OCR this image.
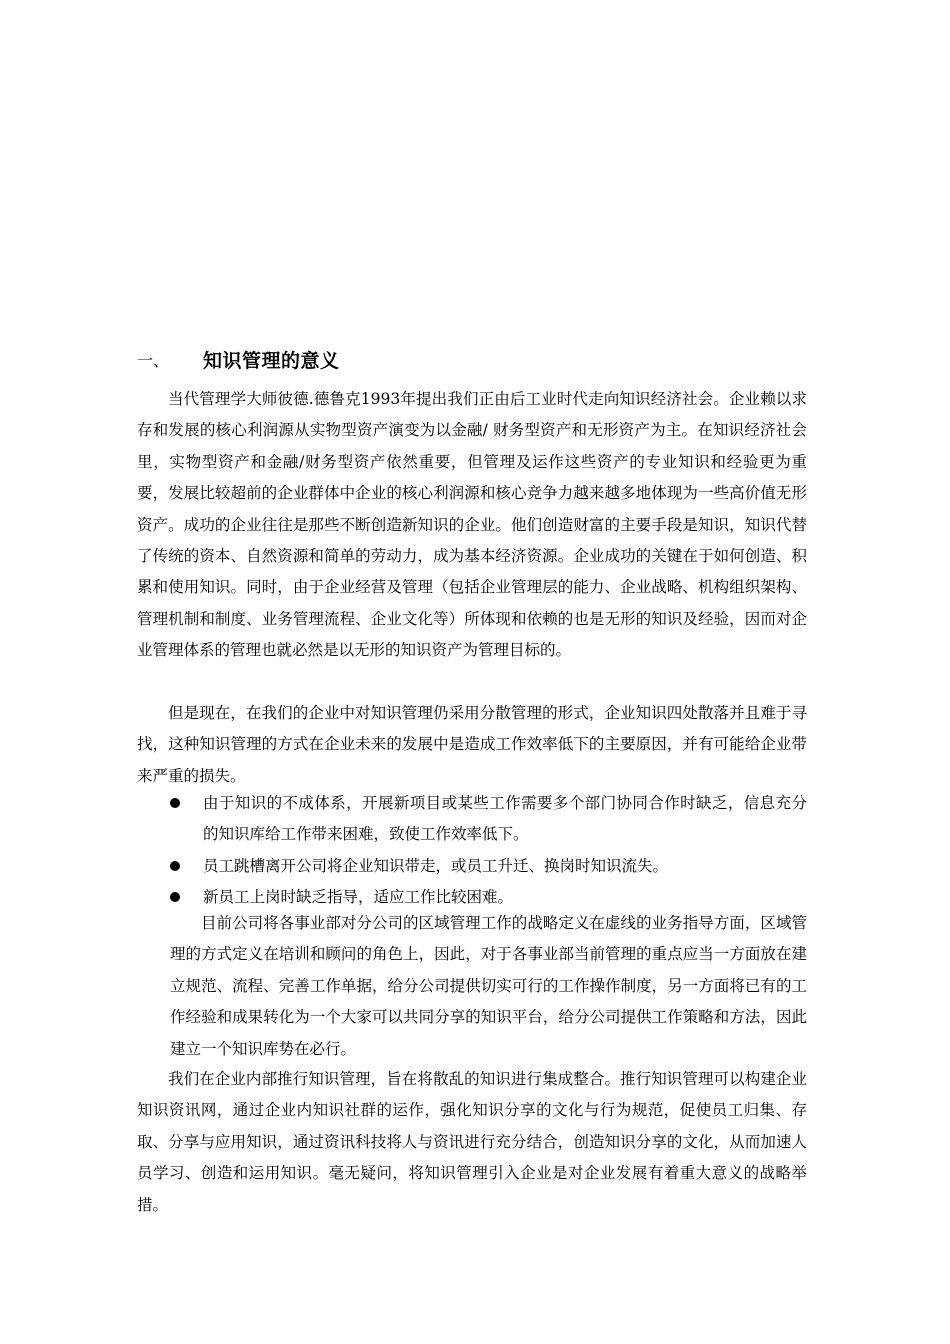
一、	知识管理的意义

当代管理学大师彼德.德鲁克1993年提出我们正由后工业时代走向知识经济社会。企业赖以求存和发展的核心利润源从实物型资产演变为以金融/ 财务型资产和无形资产为主。在知识经济社会里，实物型资产和金融/财务型资产依然重要，但管理及运作这些资产的专业知识和经验更为重要，发展比较超前的企业群体中企业的核心利润源和核心竞争力越来越多地体现为一些高价值无形资产。成功的企业往往是那些不断创造新知识的企业。他们创造财富的主要手段是知识，知识代替了传统的资本、自然资源和简单的劳动力，成为基本经济资源。企业成功的关键在于如何创造、积累和使用知识。同时，由于企业经营及管理（包括企业管理层的能力、企业战略、机构组织架构、管理机制和制度、业务管理流程、企业文化等）所体现和依赖的也是无形的知识及经验，因而对企业管理体系的管理也就必然是以无形的知识资产为管理目标的。

但是现在，在我们的企业中对知识管理仍采用分散管理的形式，企业知识四处散落并且难于寻找，这种知识管理的方式在企业未来的发展中是造成工作效率低下的主要原因，并有可能给企业带来严重的损失。

由于知识的不成体系，开展新项目或某些工作需要多个部门协同合作时缺乏，信息充分的知识库给工作带来困难，致使工作效率低下。
员工跳槽离开公司将企业知识带走，或员工升迁、换岗时知识流失。
新员工上岗时缺乏指导，适应工作比较困难。

目前公司将各事业部对分公司的区域管理工作的战略定义在虚线的业务指导方面，区域管理的方式定义在培训和顾问的角色上，因此，对于各事业部当前管理的重点应当一方面放在建立规范、流程、完善工作单据，给分公司提供切实可行的工作操作制度，另一方面将已有的工作经验和成果转化为一个大家可以共同分享的知识平台，给分公司提供工作策略和方法，因此建立一个知识库势在必行。

我们在企业内部推行知识管理，旨在将散乱的知识进行集成整合。推行知识管理可以构建企业知识资讯网，通过企业内知识社群的运作，强化知识分享的文化与行为规范，促使员工归集、存取、分享与应用知识，通过资讯科技将人与资讯进行充分结合，创造知识分享的文化，从而加速人员学习、创造和运用知识。毫无疑问，将知识管理引入企业是对企业发展有着重大意义的战略举措。
